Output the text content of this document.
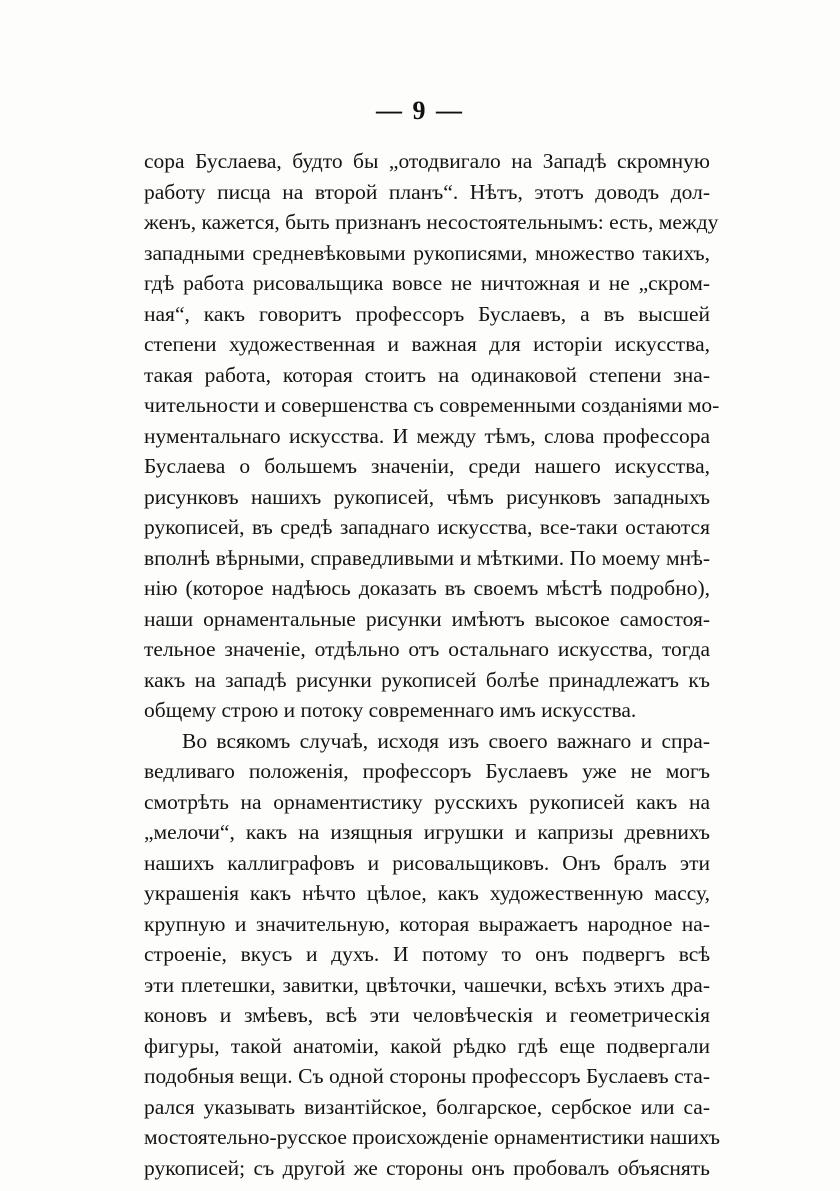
— 9 —
сора Буслаева, будто бы „отодвигало на Западѣ скромную
работу писца на второй планъ“. Нѣтъ, этотъ доводъ дол-
женъ, кажется, быть признанъ несостоятельнымъ: есть, между
западными средневѣковыми рукописями, множество такихъ,
гдѣ работа рисовальщика вовсе не ничтожная и не „скром-
ная“, какъ говоритъ профессоръ Буслаевъ, а въ высшей
степени художественная и важная для исторіи искусства,
такая работа, которая стоитъ на одинаковой степени зна-
чительности и совершенства съ современными созданіями мо-
нументальнаго искусства. И между тѣмъ, слова профессора
Буслаева о большемъ значеніи, среди нашего искусства,
рисунковъ нашихъ рукописей, чѣмъ рисунковъ западныхъ
рукописей, въ средѣ западнаго искусства, все-таки остаются
вполнѣ вѣрными, справедливыми и мѣткими. По моему мнѣ-
нію (которое надѣюсь доказать въ своемъ мѣстѣ подробно),
наши орнаментальные рисунки имѣютъ высокое самостоя-
тельное значеніе, отдѣльно отъ остальнаго искусства, тогда
какъ на западѣ рисунки рукописей болѣе принадлежатъ къ
общему строю и потоку современнаго имъ искусства.
Во всякомъ случаѣ, исходя изъ своего важнаго и спра-
ведливаго положенія, профессоръ Буслаевъ уже не могъ
смотрѣть на орнаментистику русскихъ рукописей какъ на
„мелочи“, какъ на изящныя игрушки и капризы древнихъ
нашихъ каллиграфовъ и рисовальщиковъ. Онъ бралъ эти
украшенія какъ нѣчто цѣлое, какъ художественную массу,
крупную и значительную, которая выражаетъ народное на-
строеніе, вкусъ и духъ. И потому то онъ подвергъ всѣ
эти плетешки, завитки, цвѣточки, чашечки, всѣхъ этихъ дра-
коновъ и змѣевъ, всѣ эти человѣческія и геометрическія
фигуры, такой анатоміи, какой рѣдко гдѣ еще подвергали
подобныя вещи. Съ одной стороны профессоръ Буслаевъ ста-
рался указывать византійское, болгарское, сербское или са-
мостоятельно-русское происхожденіе орнаментистики нашихъ
рукописей; съ другой же стороны онъ пробовалъ объяснять
